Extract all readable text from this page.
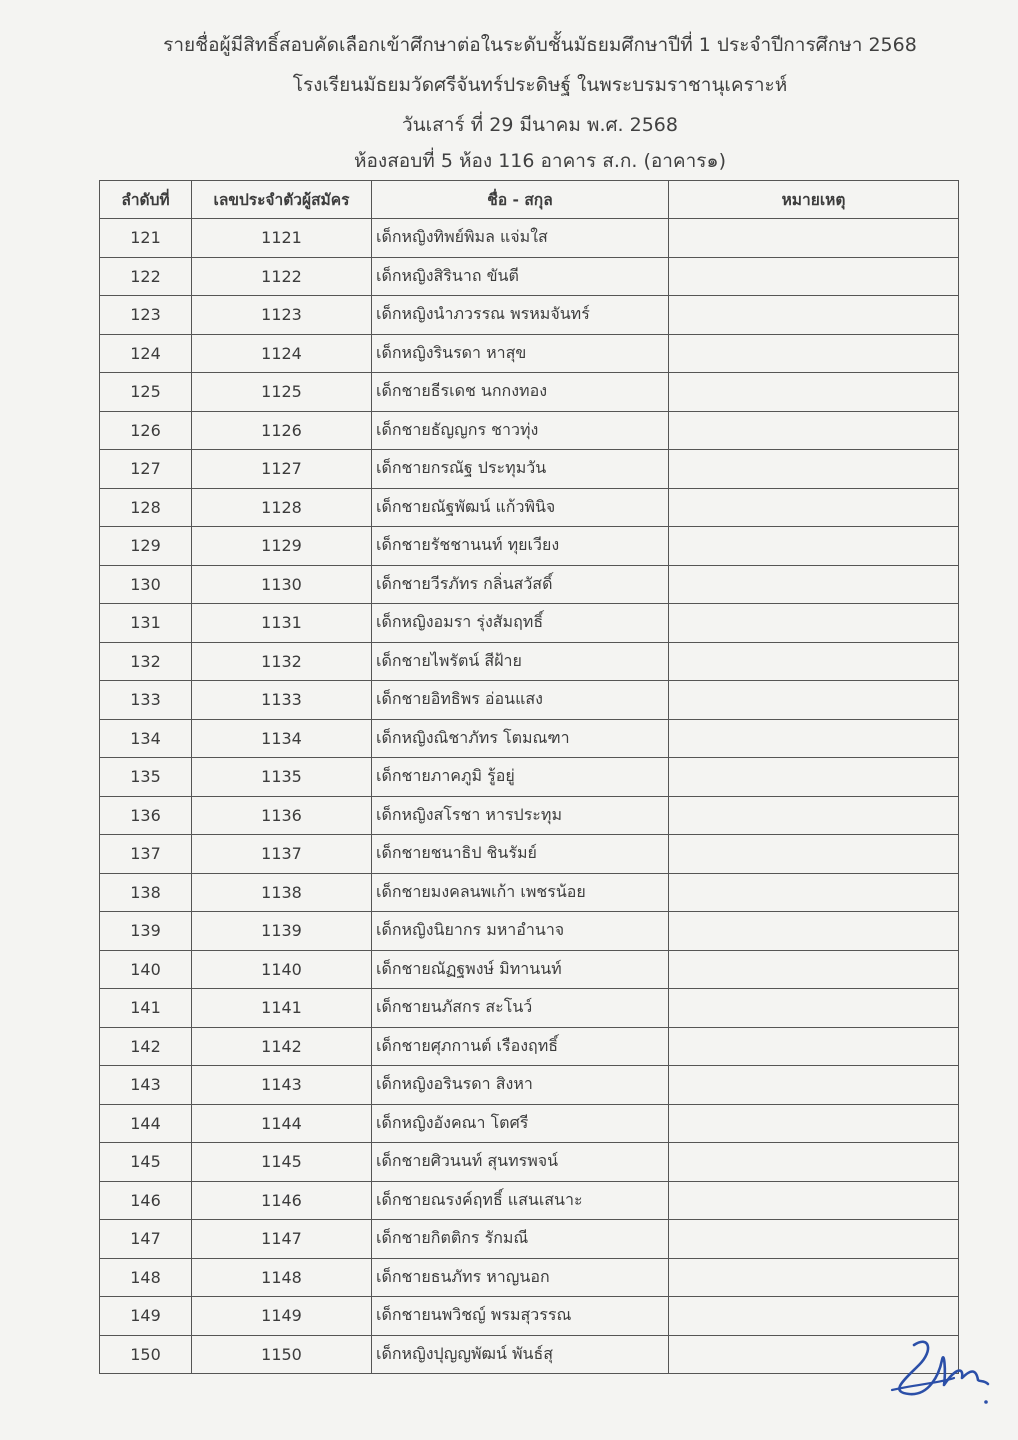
รายชื่อผู้มีสิทธิ์สอบคัดเลือกเข้าศึกษาต่อในระดับชั้นมัธยมศึกษาปีที่ 1 ประจำปีการศึกษา 2568
โรงเรียนมัธยมวัดศรีจันทร์ประดิษฐ์ ในพระบรมราชานุเคราะห์
วันเสาร์ ที่ 29 มีนาคม พ.ศ. 2568
ห้องสอบที่ 5 ห้อง 116 อาคาร ส.ก. (อาคาร๑)
ลำดับที่	เลขประจำตัวผู้สมัคร	ชื่อ - สกุล	หมายเหตุ
121	1121	เด็กหญิงทิพย์พิมล แจ่มใส	
122	1122	เด็กหญิงสิรินาถ ขันตี	
123	1123	เด็กหญิงนำภวรรณ พรหมจันทร์	
124	1124	เด็กหญิงรินรดา หาสุข	
125	1125	เด็กชายธีรเดช นกกงทอง	
126	1126	เด็กชายธัญญกร ชาวทุ่ง	
127	1127	เด็กชายกรณัฐ ประทุมวัน	
128	1128	เด็กชายณัฐพัฒน์ แก้วพินิจ	
129	1129	เด็กชายรัชชานนท์ ทุยเวียง	
130	1130	เด็กชายวีรภัทร กลิ่นสวัสดิ์	
131	1131	เด็กหญิงอมรา รุ่งสัมฤทธิ์	
132	1132	เด็กชายไพรัตน์ สีฝ้าย	
133	1133	เด็กชายอิทธิพร อ่อนแสง	
134	1134	เด็กหญิงณิชาภัทร โตมณฑา	
135	1135	เด็กชายภาคภูมิ รู้อยู่	
136	1136	เด็กหญิงสโรชา หารประทุม	
137	1137	เด็กชายชนาธิป ชินรัมย์	
138	1138	เด็กชายมงคลนพเก้า เพชรน้อย	
139	1139	เด็กหญิงนิยากร มหาอำนาจ	
140	1140	เด็กชายณัฏฐพงษ์ มิทานนท์	
141	1141	เด็กชายนภัสกร สะโนว์	
142	1142	เด็กชายศุภกานต์ เรืองฤทธิ์	
143	1143	เด็กหญิงอรินรดา สิงหา	
144	1144	เด็กหญิงอังคณา โตศรี	
145	1145	เด็กชายศิวนนท์ สุนทรพจน์	
146	1146	เด็กชายณรงค์ฤทธิ์ แสนเสนาะ	
147	1147	เด็กชายกิตติกร รักมณี	
148	1148	เด็กชายธนภัทร หาญนอก	
149	1149	เด็กชายนพวิชญ์ พรมสุวรรณ	
150	1150	เด็กหญิงปุญญพัฒน์ พันธ์สุ	
